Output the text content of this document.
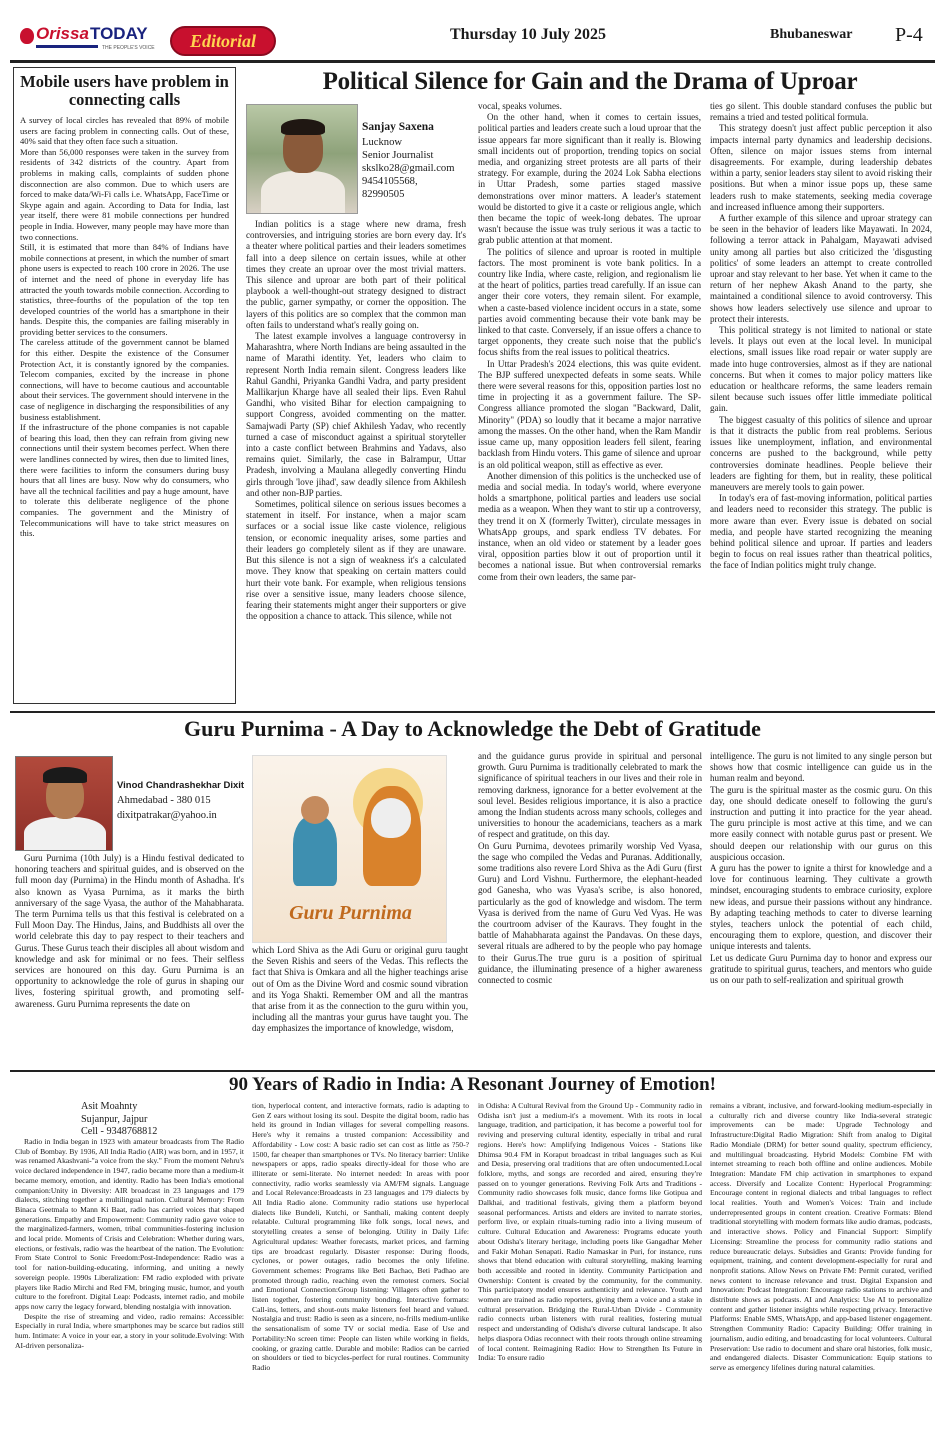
Orissa TODAY
THE PEOPLE'S VOICE	Editorial	Thursday 10 July 2025	Bhubaneswar P-4
Mobile users have problem in connecting calls

A survey of local circles has revealed that 89% of mobile users are facing problem in connecting calls. Out of these, 40% said that they often face such a situation.

More than 56,000 responses were taken in the survey from residents of 342 districts of the country. Apart from problems in making calls, complaints of sudden phone disconnection are also common. Due to which users are forced to make data/Wi-Fi calls i.e. WhatsApp, FaceTime or Skype again and again. According to Data for India, last year itself, there were 81 mobile connections per hundred people in India. However, many people may have more than two connections.

Still, it is estimated that more than 84% of Indians have mobile connections at present, in which the number of smart phone users is expected to reach 100 crore in 2026. The use of internet and the need of phone in everyday life has attracted the youth towards mobile connection. According to statistics, three-fourths of the population of the top ten developed countries of the world has a smartphone in their hands. Despite this, the companies are failing miserably in providing better services to the consumers.

The careless attitude of the government cannot be blamed for this either. Despite the existence of the Consumer Protection Act, it is constantly ignored by the companies. Telecom companies, excited by the increase in phone connections, will have to become cautious and accountable about their services. The government should intervene in the case of negligence in discharging the responsibilities of any business establishment.

If the infrastructure of the phone companies is not capable of bearing this load, then they can refrain from giving new connections until their system becomes perfect. When there were landlines connected by wires, then due to limited lines, there were facilities to inform the consumers during busy hours that all lines are busy. Now why do consumers, who have all the technical facilities and pay a huge amount, have to tolerate this deliberate negligence of the phone companies. The government and the Ministry of Telecommunications will have to take strict measures on this.

Political Silence for Gain and the Drama of Uproar
Sanjay Saxena
Lucknow
Senior Journalist
skslko28@gmail.com
9454105568,
82990505

Indian politics is a stage where new drama, fresh controversies, and intriguing stories are born every day. It's a theater where political parties and their leaders sometimes fall into a deep silence on certain issues, while at other times they create an uproar over the most trivial matters. This silence and uproar are both part of their political playbook a well-thought-out strategy designed to distract the public, garner sympathy, or corner the opposition. The layers of this politics are so complex that the common man often fails to understand what's really going on.

The latest example involves a language controversy in Maharashtra, where North Indians are being assaulted in the name of Marathi identity. Yet, leaders who claim to represent North India remain silent. Congress leaders like Rahul Gandhi, Priyanka Gandhi Vadra, and party president Mallikarjun Kharge have all sealed their lips. Even Rahul Gandhi, who visited Bihar for election campaigning to support Congress, avoided commenting on the matter. Samajwadi Party (SP) chief Akhilesh Yadav, who recently turned a case of misconduct against a spiritual storyteller into a caste conflict between Brahmins and Yadavs, also remains quiet. Similarly, the case in Balrampur, Uttar Pradesh, involving a Maulana allegedly converting Hindu girls through 'love jihad', saw deadly silence from Akhilesh and other non-BJP parties.

Sometimes, political silence on serious issues becomes a statement in itself. For instance, when a major scam surfaces or a social issue like caste violence, religious tension, or economic inequality arises, some parties and their leaders go completely silent as if they are unaware. But this silence is not a sign of weakness it's a calculated move. They know that speaking on certain matters could hurt their vote bank. For example, when religious tensions rise over a sensitive issue, many leaders choose silence, fearing their statements might anger their supporters or give the opposition a chance to attack. This silence, while not

vocal, speaks volumes.

On the other hand, when it comes to certain issues, political parties and leaders create such a loud uproar that the issue appears far more significant than it really is. Blowing small incidents out of proportion, trending topics on social media, and organizing street protests are all parts of their strategy. For example, during the 2024 Lok Sabha elections in Uttar Pradesh, some parties staged massive demonstrations over minor matters. A leader's statement would be distorted to give it a caste or religious angle, which then became the topic of week-long debates. The uproar wasn't because the issue was truly serious it was a tactic to grab public attention at that moment.

The politics of silence and uproar is rooted in multiple factors. The most prominent is vote bank politics. In a country like India, where caste, religion, and regionalism lie at the heart of politics, parties tread carefully. If an issue can anger their core voters, they remain silent. For example, when a caste-based violence incident occurs in a state, some parties avoid commenting because their vote bank may be linked to that caste. Conversely, if an issue offers a chance to target opponents, they create such noise that the public's focus shifts from the real issues to political theatrics.

In Uttar Pradesh's 2024 elections, this was quite evident. The BJP suffered unexpected defeats in some seats. While there were several reasons for this, opposition parties lost no time in projecting it as a government failure. The SP-Congress alliance promoted the slogan "Backward, Dalit, Minority" (PDA) so loudly that it became a major narrative among the masses. On the other hand, when the Ram Mandir issue came up, many opposition leaders fell silent, fearing backlash from Hindu voters. This game of silence and uproar is an old political weapon, still as effective as ever.

Another dimension of this politics is the unchecked use of media and social media. In today's world, where everyone holds a smartphone, political parties and leaders use social media as a weapon. When they want to stir up a controversy, they trend it on X (formerly Twitter), circulate messages in WhatsApp groups, and spark endless TV debates. For instance, when an old video or statement by a leader goes viral, opposition parties blow it out of proportion until it becomes a national issue. But when controversial remarks come from their own leaders, the same par-

ties go silent. This double standard confuses the public but remains a tried and tested political formula.

This strategy doesn't just affect public perception it also impacts internal party dynamics and leadership decisions. Often, silence on major issues stems from internal disagreements. For example, during leadership debates within a party, senior leaders stay silent to avoid risking their positions. But when a minor issue pops up, these same leaders rush to make statements, seeking media coverage and increased influence among their supporters.

A further example of this silence and uproar strategy can be seen in the behavior of leaders like Mayawati. In 2024, following a terror attack in Pahalgam, Mayawati advised unity among all parties but also criticized the 'disgusting politics' of some leaders an attempt to create controlled uproar and stay relevant to her base. Yet when it came to the return of her nephew Akash Anand to the party, she maintained a conditional silence to avoid controversy. This shows how leaders selectively use silence and uproar to protect their interests.

This political strategy is not limited to national or state levels. It plays out even at the local level. In municipal elections, small issues like road repair or water supply are made into huge controversies, almost as if they are national concerns. But when it comes to major policy matters like education or healthcare reforms, the same leaders remain silent because such issues offer little immediate political gain.

The biggest casualty of this politics of silence and uproar is that it distracts the public from real problems. Serious issues like unemployment, inflation, and environmental concerns are pushed to the background, while petty controversies dominate headlines. People believe their leaders are fighting for them, but in reality, these political maneuvers are merely tools to gain power.

In today's era of fast-moving information, political parties and leaders need to reconsider this strategy. The public is more aware than ever. Every issue is debated on social media, and people have started recognizing the meaning behind political silence and uproar. If parties and leaders begin to focus on real issues rather than theatrical politics, the face of Indian politics might truly change.

Guru Purnima - A Day to Acknowledge the Debt of Gratitude
Vinod Chandrashekhar Dixit
Ahmedabad - 380 015
dixitpatrakar@yahoo.in
Guru Purnima

Guru Purnima (10th July) is a Hindu festival dedicated to honoring teachers and spiritual guides, and is observed on the full moon day (Purnima) in the Hindu month of Ashadha. It's also known as Vyasa Purnima, as it marks the birth anniversary of the sage Vyasa, the author of the Mahabharata. The term Purnima tells us that this festival is celebrated on a Full Moon Day. The Hindus, Jains, and Buddhists all over the world celebrate this day to pay respect to their teachers and Gurus. These Gurus teach their disciples all about wisdom and knowledge and ask for minimal or no fees. Their selfless services are honoured on this day. Guru Purnima is an opportunity to acknowledge the role of gurus in shaping our lives, fostering spiritual growth, and promoting self-awareness. Guru Purnima represents the date on

which Lord Shiva as the Adi Guru or original guru taught the Seven Rishis and seers of the Vedas. This reflects the fact that Shiva is Omkara and all the higher teachings arise out of Om as the Divine Word and cosmic sound vibration and its Yoga Shakti. Remember OM and all the mantras that arise from it as the connection to the guru within you, including all the mantras your gurus have taught you. The day emphasizes the importance of knowledge, wisdom,

and the guidance gurus provide in spiritual and personal growth. Guru Purnima is traditionally celebrated to mark the significance of spiritual teachers in our lives and their role in removing darkness, ignorance for a better evolvement at the soul level. Besides religious importance, it is also a practice among the Indian students across many schools, colleges and universities to honour the academicians, teachers as a mark of respect and gratitude, on this day.

On Guru Purnima, devotees primarily worship Ved Vyasa, the sage who compiled the Vedas and Puranas. Additionally, some traditions also revere Lord Shiva as the Adi Guru (first Guru) and Lord Vishnu. Furthermore, the elephant-headed god Ganesha, who was Vyasa's scribe, is also honored, particularly as the god of knowledge and wisdom. The term Vyasa is derived from the name of Guru Ved Vyas. He was the courtroom adviser of the Kauravs. They fought in the battle of Mahabharata against the Pandavas. On these days, several rituals are adhered to by the people who pay homage to their Gurus.The true guru is a position of spiritual guidance, the illuminating presence of a higher awareness connected to cosmic

intelligence. The guru is not limited to any single person but shows how that cosmic intelligence can guide us in the human realm and beyond.

The guru is the spiritual master as the cosmic guru. On this day, one should dedicate oneself to following the guru's instruction and putting it into practice for the year ahead. The guru principle is most active at this time, and we can more easily connect with notable gurus past or present. We should deepen our relationship with our gurus on this auspicious occasion.

A guru has the power to ignite a thirst for knowledge and a love for continuous learning. They cultivate a growth mindset, encouraging students to embrace curiosity, explore new ideas, and pursue their passions without any hindrance. By adapting teaching methods to cater to diverse learning styles, teachers unlock the potential of each child, encouraging them to explore, question, and discover their unique interests and talents.

Let us dedicate Guru Purnima day to honor and express our gratitude to spiritual gurus, teachers, and mentors who guide us on our path to self-realization and spiritual growth

90 Years of Radio in India: A Resonant Journey of Emotion!
Asit Moahnty
Sujanpur, Jajpur
Cell - 9348768812

Radio in India began in 1923 with amateur broadcasts from The Radio Club of Bombay. By 1936, All India Radio (AIR) was born, and in 1957, it was renamed Akashvani-"a voice from the sky." From the moment Nehru's voice declared independence in 1947, radio became more than a medium-it became memory, emotion, and identity. Radio has been India's emotional companion:Unity in Diversity: AIR broadcast in 23 languages and 179 dialects, stitching together a multilingual nation. Cultural Memory: From Binaca Geetmala to Mann Ki Baat, radio has carried voices that shaped generations. Empathy and Empowerment: Community radio gave voice to the marginalized-farmers, women, tribal communities-fostering inclusion and local pride. Moments of Crisis and Celebration: Whether during wars, elections, or festivals, radio was the heartbeat of the nation. The Evolution: From State Control to Sonic Freedom:Post-Independence: Radio was a tool for nation-building-educating, informing, and uniting a newly sovereign people. 1990s Liberalization: FM radio exploded with private players like Radio Mirchi and Red FM, bringing music, humor, and youth culture to the forefront. Digital Leap: Podcasts, internet radio, and mobile apps now carry the legacy forward, blending nostalgia with innovation.

Despite the rise of streaming and video, radio remains: Accessible: Especially in rural India, where smartphones may be scarce but radios still hum. Intimate: A voice in your ear, a story in your solitude.Evolving: With AI-driven personaliza-

tion, hyperlocal content, and interactive formats, radio is adapting to Gen Z ears without losing its soul. Despite the digital boom, radio has held its ground in Indian villages for several compelling reasons. Here's why it remains a trusted companion: Accessibility and Affordability - Low cost: A basic radio set can cost as little as ?50-?1500, far cheaper than smartphones or TVs. No literacy barrier: Unlike newspapers or apps, radio speaks directly-ideal for those who are illiterate or semi-literate. No internet needed: In areas with poor connectivity, radio works seamlessly via AM/FM signals. Language and Local Relevance:Broadcasts in 23 languages and 179 dialects by All India Radio alone. Community radio stations use hyperlocal dialects like Bundeli, Kutchi, or Santhali, making content deeply relatable. Cultural programming like folk songs, local news, and storytelling creates a sense of belonging. Utility in Daily Life: Agricultural updates: Weather forecasts, market prices, and farming tips are broadcast regularly. Disaster response: During floods, cyclones, or power outages, radio becomes the only lifeline. Government schemes: Programs like Beti Bachao, Beti Padhao are promoted through radio, reaching even the remotest corners. Social and Emotional Connection:Group listening: Villagers often gather to listen together, fostering community bonding. Interactive formats: Call-ins, letters, and shout-outs make listeners feel heard and valued. Nostalgia and trust: Radio is seen as a sincere, no-frills medium-unlike the sensationalism of some TV or social media. Ease of Use and Portability:No screen time: People can listen while working in fields, cooking, or grazing cattle. Durable and mobile: Radios can be carried on shoulders or tied to bicycles-perfect for rural routines. Community Radio

in Odisha: A Cultural Revival from the Ground Up - Community radio in Odisha isn't just a medium-it's a movement. With its roots in local language, tradition, and participation, it has become a powerful tool for reviving and preserving cultural identity, especially in tribal and rural regions. Here's how: Amplifying Indigenous Voices - Stations like Dhimsa 90.4 FM in Koraput broadcast in tribal languages such as Kui and Desia, preserving oral traditions that are often undocumented.Local folklore, myths, and songs are recorded and aired, ensuring they're passed on to younger generations. Reviving Folk Arts and Traditions - Community radio showcases folk music, dance forms like Gotipua and Dalkhai, and traditional festivals, giving them a platform beyond seasonal performances. Artists and elders are invited to narrate stories, perform live, or explain rituals-turning radio into a living museum of culture. Cultural Education and Awareness: Programs educate youth about Odisha's literary heritage, including poets like Gangadhar Meher and Fakir Mohan Senapati. Radio Namaskar in Puri, for instance, runs shows that blend education with cultural storytelling, making learning both accessible and rooted in identity. Community Participation and Ownership: Content is created by the community, for the community. This participatory model ensures authenticity and relevance. Youth and women are trained as radio reporters, giving them a voice and a stake in cultural preservation. Bridging the Rural-Urban Divide - Community radio connects urban listeners with rural realities, fostering mutual respect and understanding of Odisha's diverse cultural landscape. It also helps diaspora Odias reconnect with their roots through online streaming of local content. Reimagining Radio: How to Strengthen Its Future in India: To ensure radio

remains a vibrant, inclusive, and forward-looking medium-especially in a culturally rich and diverse country like India-several strategic improvements can be made: Upgrade Technology and Infrastructure:Digital Radio Migration: Shift from analog to Digital Radio Mondiale (DRM) for better sound quality, spectrum efficiency, and multilingual broadcasting. Hybrid Models: Combine FM with internet streaming to reach both offline and online audiences. Mobile Integration: Mandate FM chip activation in smartphones to expand access. Diversify and Localize Content: Hyperlocal Programming: Encourage content in regional dialects and tribal languages to reflect local realities. Youth and Women's Voices: Train and include underrepresented groups in content creation. Creative Formats: Blend traditional storytelling with modern formats like audio dramas, podcasts, and interactive shows. Policy and Financial Support: Simplify Licensing: Streamline the process for community radio stations and reduce bureaucratic delays. Subsidies and Grants: Provide funding for equipment, training, and content development-especially for rural and nonprofit stations. Allow News on Private FM: Permit curated, verified news content to increase relevance and trust. Digital Expansion and Innovation: Podcast Integration: Encourage radio stations to archive and distribute shows as podcasts. AI and Analytics: Use AI to personalize content and gather listener insights while respecting privacy. Interactive Platforms: Enable SMS, WhatsApp, and app-based listener engagement. Strengthen Community Radio: Capacity Building: Offer training in journalism, audio editing, and broadcasting for local volunteers. Cultural Preservation: Use radio to document and share oral histories, folk music, and endangered dialects. Disaster Communication: Equip stations to serve as emergency lifelines during natural calamities.
